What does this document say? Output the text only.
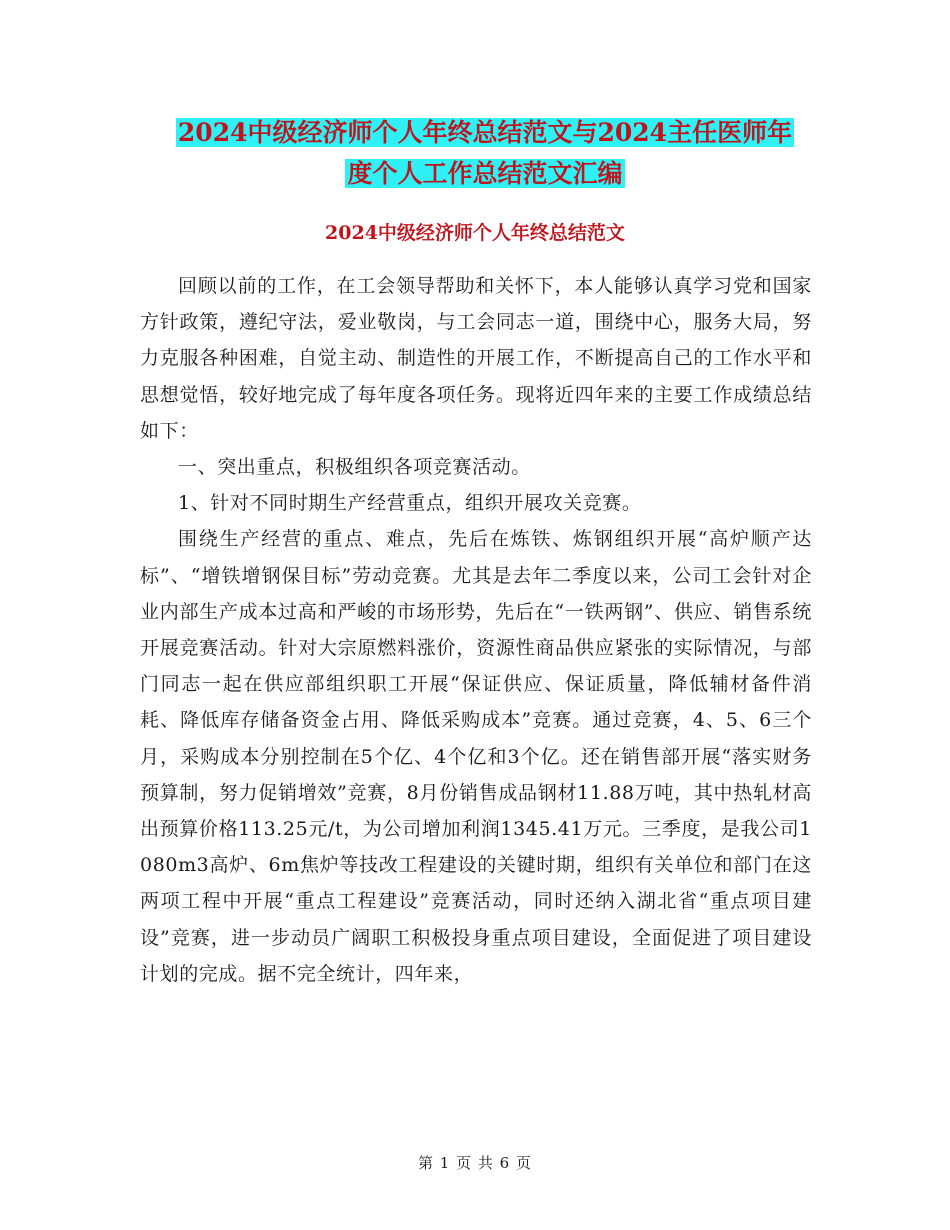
2024中级经济师个人年终总结范文与2024主任医师年
度个人工作总结范文汇编
2024中级经济师个人年终总结范文

回顾以前的工作，在工会领导帮助和关怀下，本人能够认真学习党和国家方针政策，遵纪守法，爱业敬岗，与工会同志一道，围绕中心，服务大局，努力克服各种困难，自觉主动、制造性的开展工作，不断提高自己的工作水平和思想觉悟，较好地完成了每年度各项任务。现将近四年来的主要工作成绩总结如下：

一、突出重点，积极组织各项竞赛活动。

1、针对不同时期生产经营重点，组织开展攻关竞赛。

围绕生产经营的重点、难点，先后在炼铁、炼钢组织开展“高炉顺产达标”、“增铁增钢保目标”劳动竞赛。尤其是去年二季度以来，公司工会针对企业内部生产成本过高和严峻的市场形势，先后在“一铁两钢”、供应、销售系统开展竞赛活动。针对大宗原燃料涨价，资源性商品供应紧张的实际情况，与部门同志一起在供应部组织职工开展“保证供应、保证质量，降低辅材备件消耗、降低库存储备资金占用、降低采购成本”竞赛。通过竞赛，4、5、6三个月，采购成本分别控制在5个亿、4个亿和3个亿。还在销售部开展“落实财务预算制，努力促销增效”竞赛，8月份销售成品钢材11.88万吨，其中热轧材高出预算价格113.25元/t，为公司增加利润1345.41万元。三季度，是我公司1080m3高炉、6m焦炉等技改工程建设的关键时期，组织有关单位和部门在这两项工程中开展“重点工程建设”竞赛活动，同时还纳入湖北省“重点项目建设”竞赛，进一步动员广阔职工积极投身重点项目建设，全面促进了项目建设计划的完成。据不完全统计，四年来，

第 1 页 共 6 页
